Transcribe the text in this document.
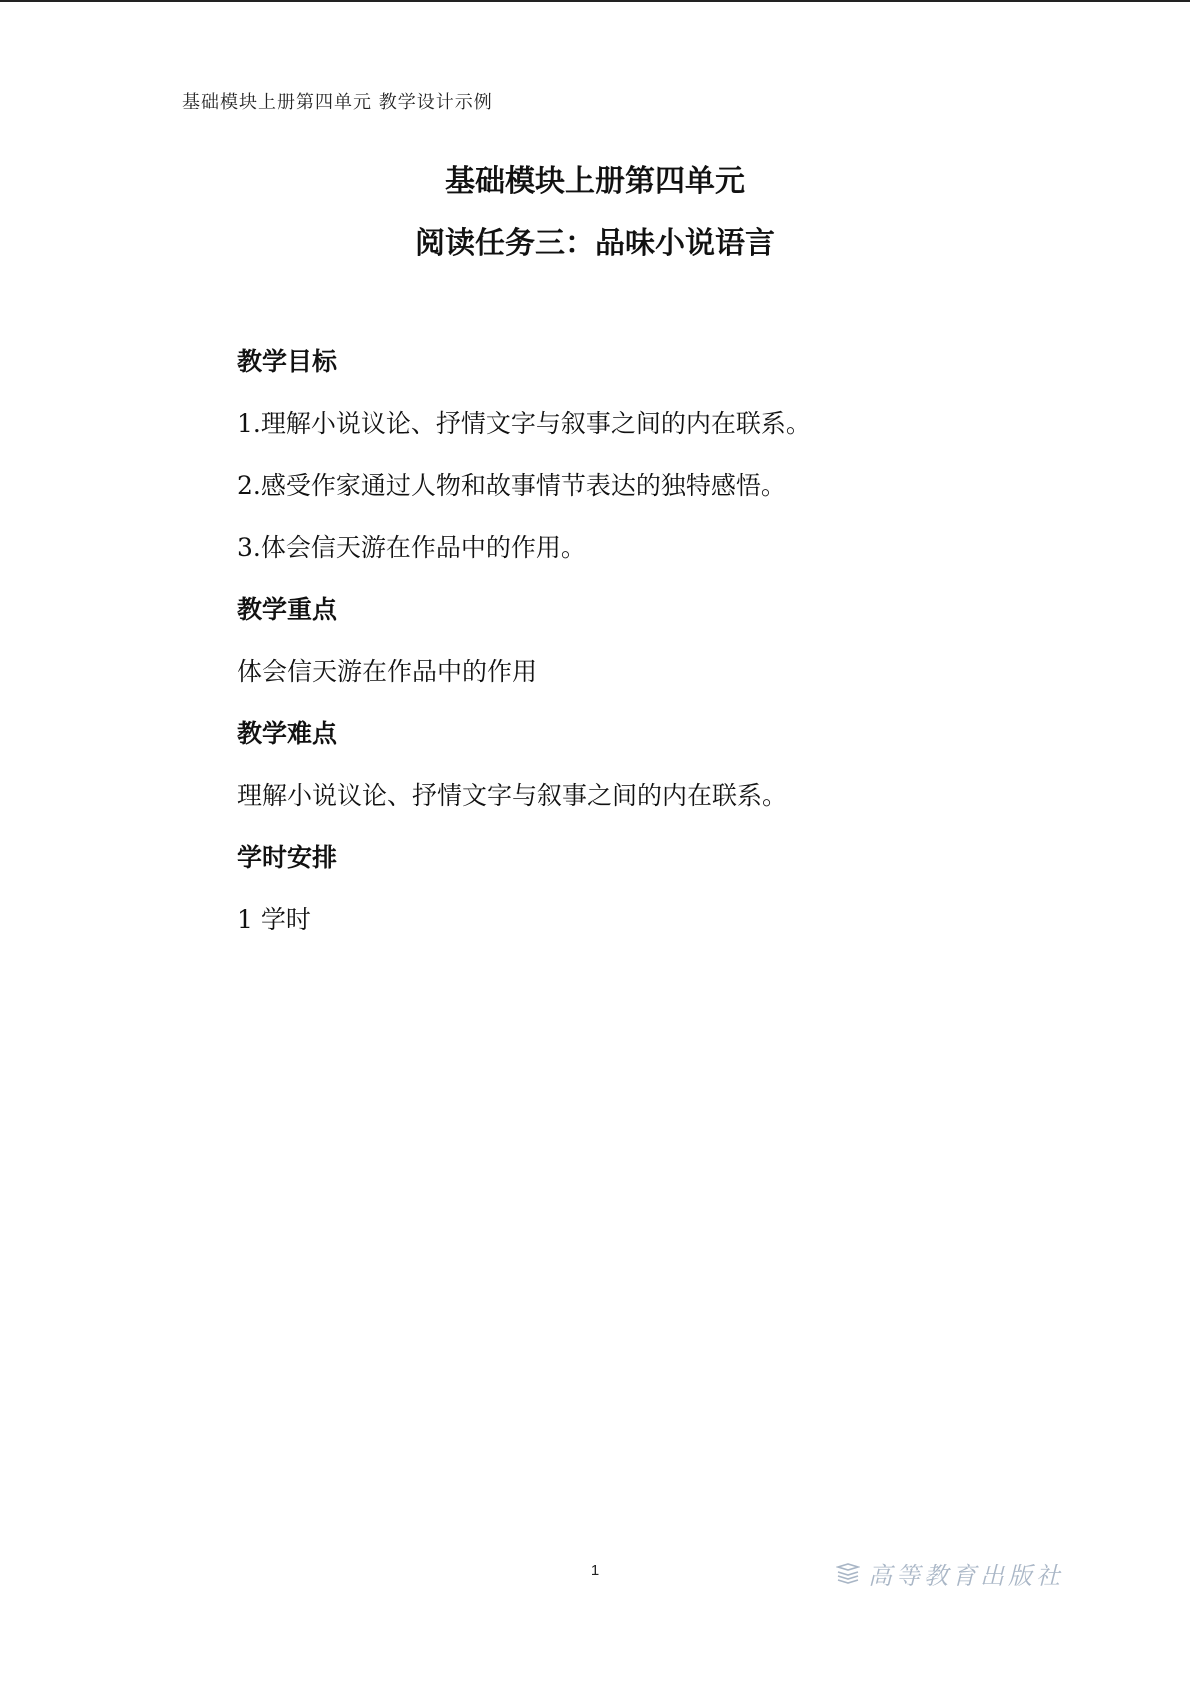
基础模块上册第四单元 教学设计示例
基础模块上册第四单元
阅读任务三：品味小说语言
教学目标
1.理解小说议论、抒情文字与叙事之间的内在联系。
2.感受作家通过人物和故事情节表达的独特感悟。
3.体会信天游在作品中的作用。
教学重点
体会信天游在作品中的作用
教学难点
理解小说议论、抒情文字与叙事之间的内在联系。
学时安排
1 学时
1	高等教育出版社
